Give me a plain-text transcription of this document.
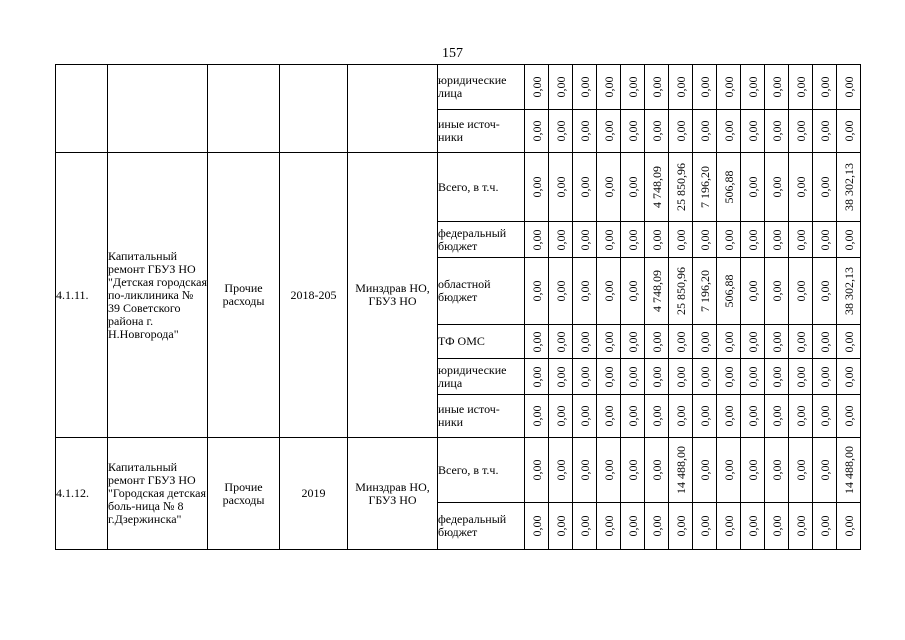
157
					юридические лица	0,00	0,00	0,00	0,00	0,00	0,00	0,00	0,00	0,00	0,00	0,00	0,00	0,00	0,00

					иные источ-ники	0,00	0,00	0,00	0,00	0,00	0,00	0,00	0,00	0,00	0,00	0,00	0,00	0,00	0,00

4.1.11.	Капитальный ремонт ГБУЗ НО "Детская городская по-ликлиника № 39 Советского района г. Н.Новгорода"	Прочие расходы	2018-205	Минздрав НО, ГБУЗ НО	Всего, в т.ч.	0,00	0,00	0,00	0,00	0,00	4 748,09	25 850,96	7 196,20	506,88	0,00	0,00	0,00	0,00	38 302,13

					федеральный бюджет	0,00	0,00	0,00	0,00	0,00	0,00	0,00	0,00	0,00	0,00	0,00	0,00	0,00	0,00

					областной бюджет	0,00	0,00	0,00	0,00	0,00	4 748,09	25 850,96	7 196,20	506,88	0,00	0,00	0,00	0,00	38 302,13

					ТФ ОМС	0,00	0,00	0,00	0,00	0,00	0,00	0,00	0,00	0,00	0,00	0,00	0,00	0,00	0,00

					юридические лица	0,00	0,00	0,00	0,00	0,00	0,00	0,00	0,00	0,00	0,00	0,00	0,00	0,00	0,00

					иные источ-ники	0,00	0,00	0,00	0,00	0,00	0,00	0,00	0,00	0,00	0,00	0,00	0,00	0,00	0,00

4.1.12.	Капитальный ремонт ГБУЗ НО "Городская детская боль-ница № 8 г.Дзержинска"	Прочие расходы	2019	Минздрав НО, ГБУЗ НО	Всего, в т.ч.	0,00	0,00	0,00	0,00	0,00	0,00	14 488,00	0,00	0,00	0,00	0,00	0,00	0,00	14 488,00

					федеральный бюджет	0,00	0,00	0,00	0,00	0,00	0,00	0,00	0,00	0,00	0,00	0,00	0,00	0,00	0,00
